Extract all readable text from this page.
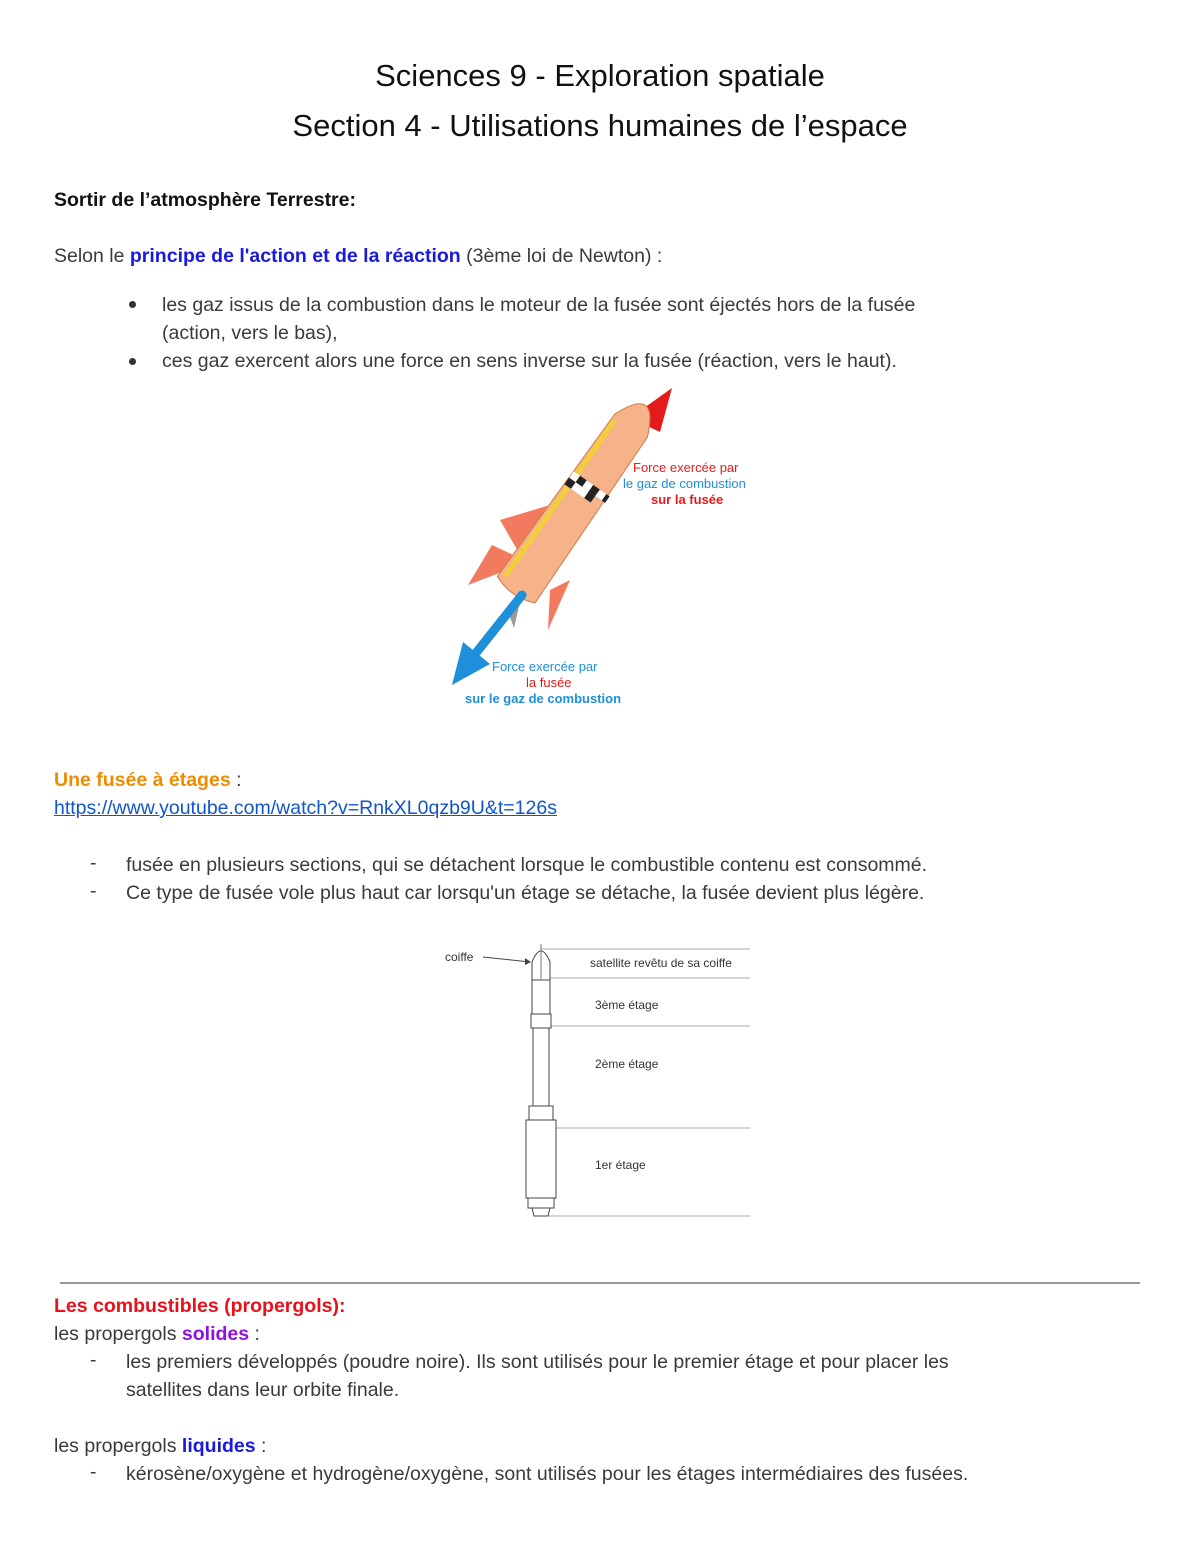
Sciences 9 - Exploration spatiale
Section 4 - Utilisations humaines de l’espace
Sortir de l’atmosphère Terrestre:
Selon le principe de l'action et de la réaction (3ème loi de Newton) :
les gaz issus de la combustion dans le moteur de la fusée sont éjectés hors de la fusée
(action, vers le bas),
ces gaz exercent alors une force en sens inverse sur la fusée (réaction, vers le haut).
Force exercée par
le gaz de combustion
sur la fusée
Force exercée par
la fusée
sur le gaz de combustion
Une fusée à étages :
https://www.youtube.com/watch?v=RnkXL0qzb9U&t=126s
- fusée en plusieurs sections, qui se détachent lorsque le combustible contenu est consommé.
- Ce type de fusée vole plus haut car lorsqu'un étage se détache, la fusée devient plus légère.
coiffe	satellite revêtu de sa coiffe
3ème étage
2ème étage
1er étage
Les combustibles (propergols):
les propergols solides :
- les premiers développés (poudre noire). Ils sont utilisés pour le premier étage et pour placer les
satellites dans leur orbite finale.
les propergols liquides :
- kérosène/oxygène et hydrogène/oxygène, sont utilisés pour les étages intermédiaires des fusées.
